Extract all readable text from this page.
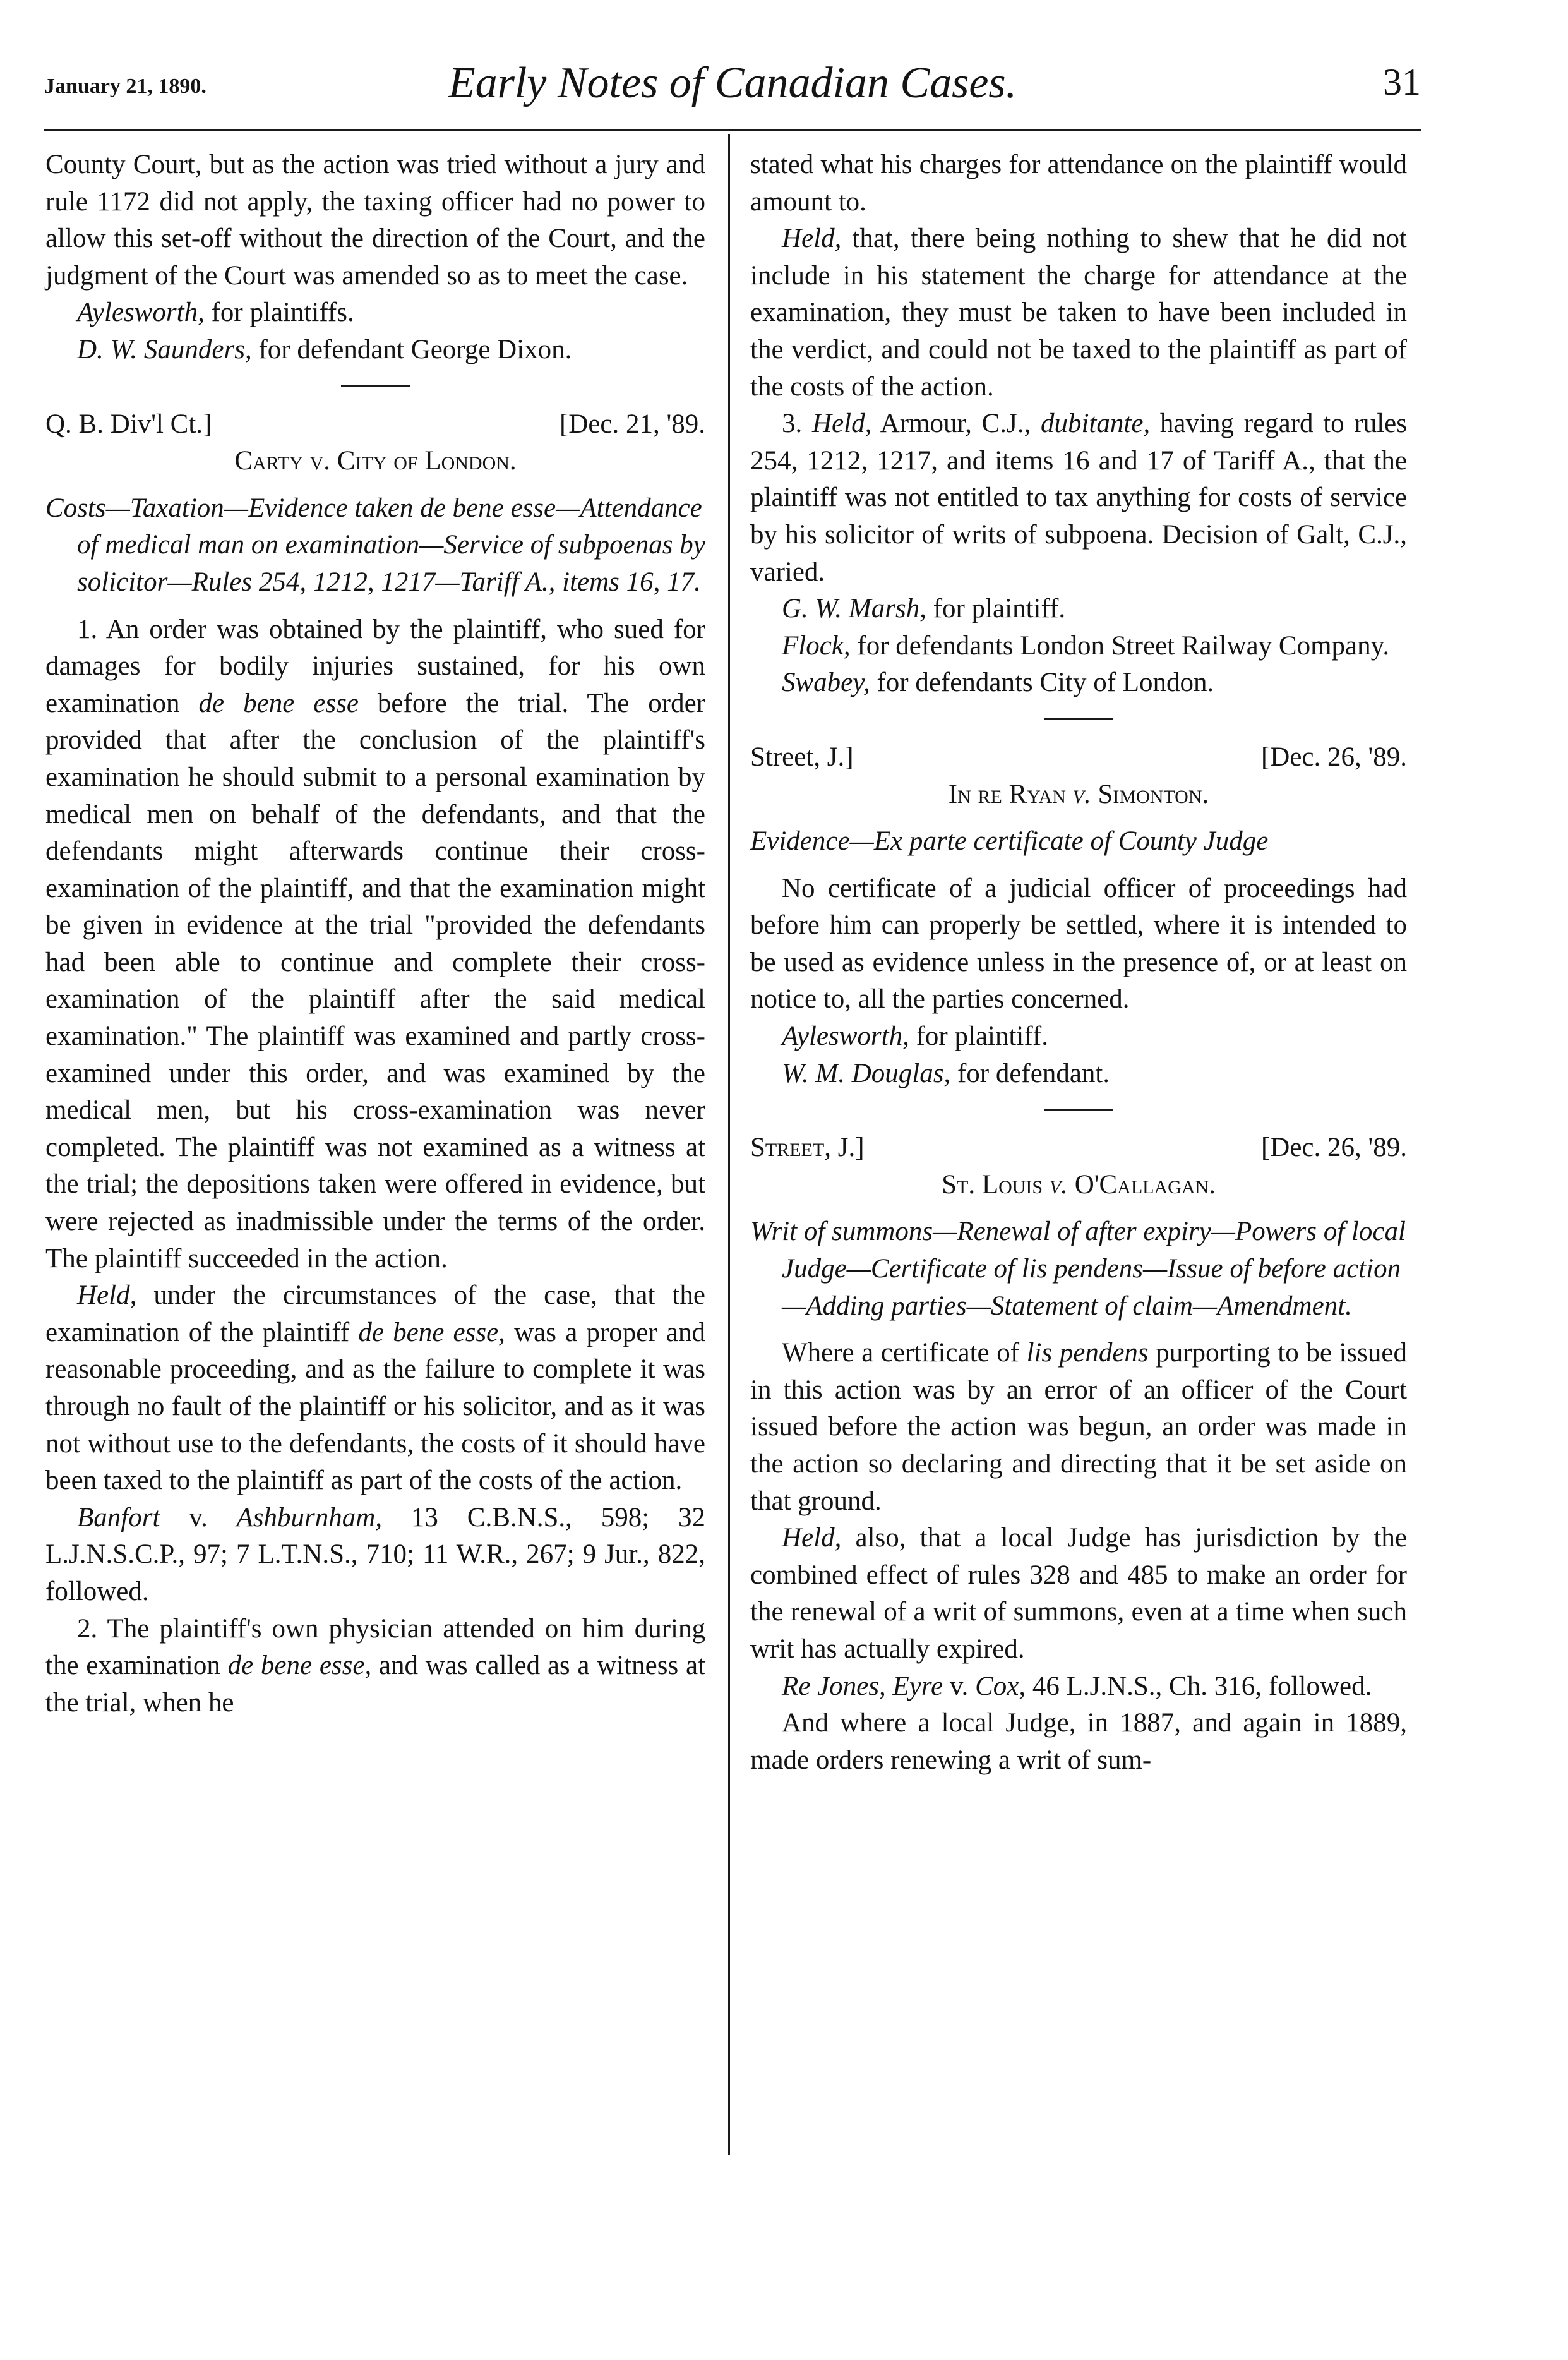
January 21, 1890.	Early Notes of Canadian Cases.	31

County Court, but as the action was tried without a jury and rule 1172 did not apply, the taxing officer had no power to allow this set-off without the direction of the Court, and the judgment of the Court was amended so as to meet the case.

Aylesworth, for plaintiffs.

D. W. Saunders, for defendant George Dixon.

Q. B. Div'l Ct.]	[Dec. 21, '89.

Carty v. City of London.

Costs—Taxation—Evidence taken de bene esse—Attendance of medical man on examination—Service of subpoenas by solicitor—Rules 254, 1212, 1217—Tariff A., items 16, 17.

1. An order was obtained by the plaintiff, who sued for damages for bodily injuries sustained, for his own examination de bene esse before the trial. The order provided that after the conclusion of the plaintiff's examination he should submit to a personal examination by medical men on behalf of the defendants, and that the defendants might afterwards continue their cross-examination of the plaintiff, and that the examination might be given in evidence at the trial "provided the defendants had been able to continue and complete their cross-examination of the plaintiff after the said medical examination." The plaintiff was examined and partly cross-examined under this order, and was examined by the medical men, but his cross-examination was never completed. The plaintiff was not examined as a witness at the trial; the depositions taken were offered in evidence, but were rejected as inadmissible under the terms of the order. The plaintiff succeeded in the action.

Held, under the circumstances of the case, that the examination of the plaintiff de bene esse, was a proper and reasonable proceeding, and as the failure to complete it was through no fault of the plaintiff or his solicitor, and as it was not without use to the defendants, the costs of it should have been taxed to the plaintiff as part of the costs of the action.

Banfort v. Ashburnham, 13 C.B.N.S., 598; 32 L.J.N.S.C.P., 97; 7 L.T.N.S., 710; 11 W.R., 267; 9 Jur., 822, followed.

2. The plaintiff's own physician attended on him during the examination de bene esse, and was called as a witness at the trial, when he

stated what his charges for attendance on the plaintiff would amount to.

Held, that, there being nothing to shew that he did not include in his statement the charge for attendance at the examination, they must be taken to have been included in the verdict, and could not be taxed to the plaintiff as part of the costs of the action.

3. Held, Armour, C.J., dubitante, having regard to rules 254, 1212, 1217, and items 16 and 17 of Tariff A., that the plaintiff was not entitled to tax anything for costs of service by his solicitor of writs of subpoena. Decision of Galt, C.J., varied.

G. W. Marsh, for plaintiff.

Flock, for defendants London Street Railway Company.

Swabey, for defendants City of London.

Street, J.]	[Dec. 26, '89.

In re Ryan v. Simonton.

Evidence—Ex parte certificate of County Judge

No certificate of a judicial officer of proceedings had before him can properly be settled, where it is intended to be used as evidence unless in the presence of, or at least on notice to, all the parties concerned.

Aylesworth, for plaintiff.

W. M. Douglas, for defendant.

Street, J.]	[Dec. 26, '89.

St. Louis v. O'Callagan.

Writ of summons—Renewal of after expiry—Powers of local Judge—Certificate of lis pendens—Issue of before action—Adding parties—Statement of claim—Amendment.

Where a certificate of lis pendens purporting to be issued in this action was by an error of an officer of the Court issued before the action was begun, an order was made in the action so declaring and directing that it be set aside on that ground.

Held, also, that a local Judge has jurisdiction by the combined effect of rules 328 and 485 to make an order for the renewal of a writ of summons, even at a time when such writ has actually expired.

Re Jones, Eyre v. Cox, 46 L.J.N.S., Ch. 316, followed.

And where a local Judge, in 1887, and again in 1889, made orders renewing a writ of sum-
